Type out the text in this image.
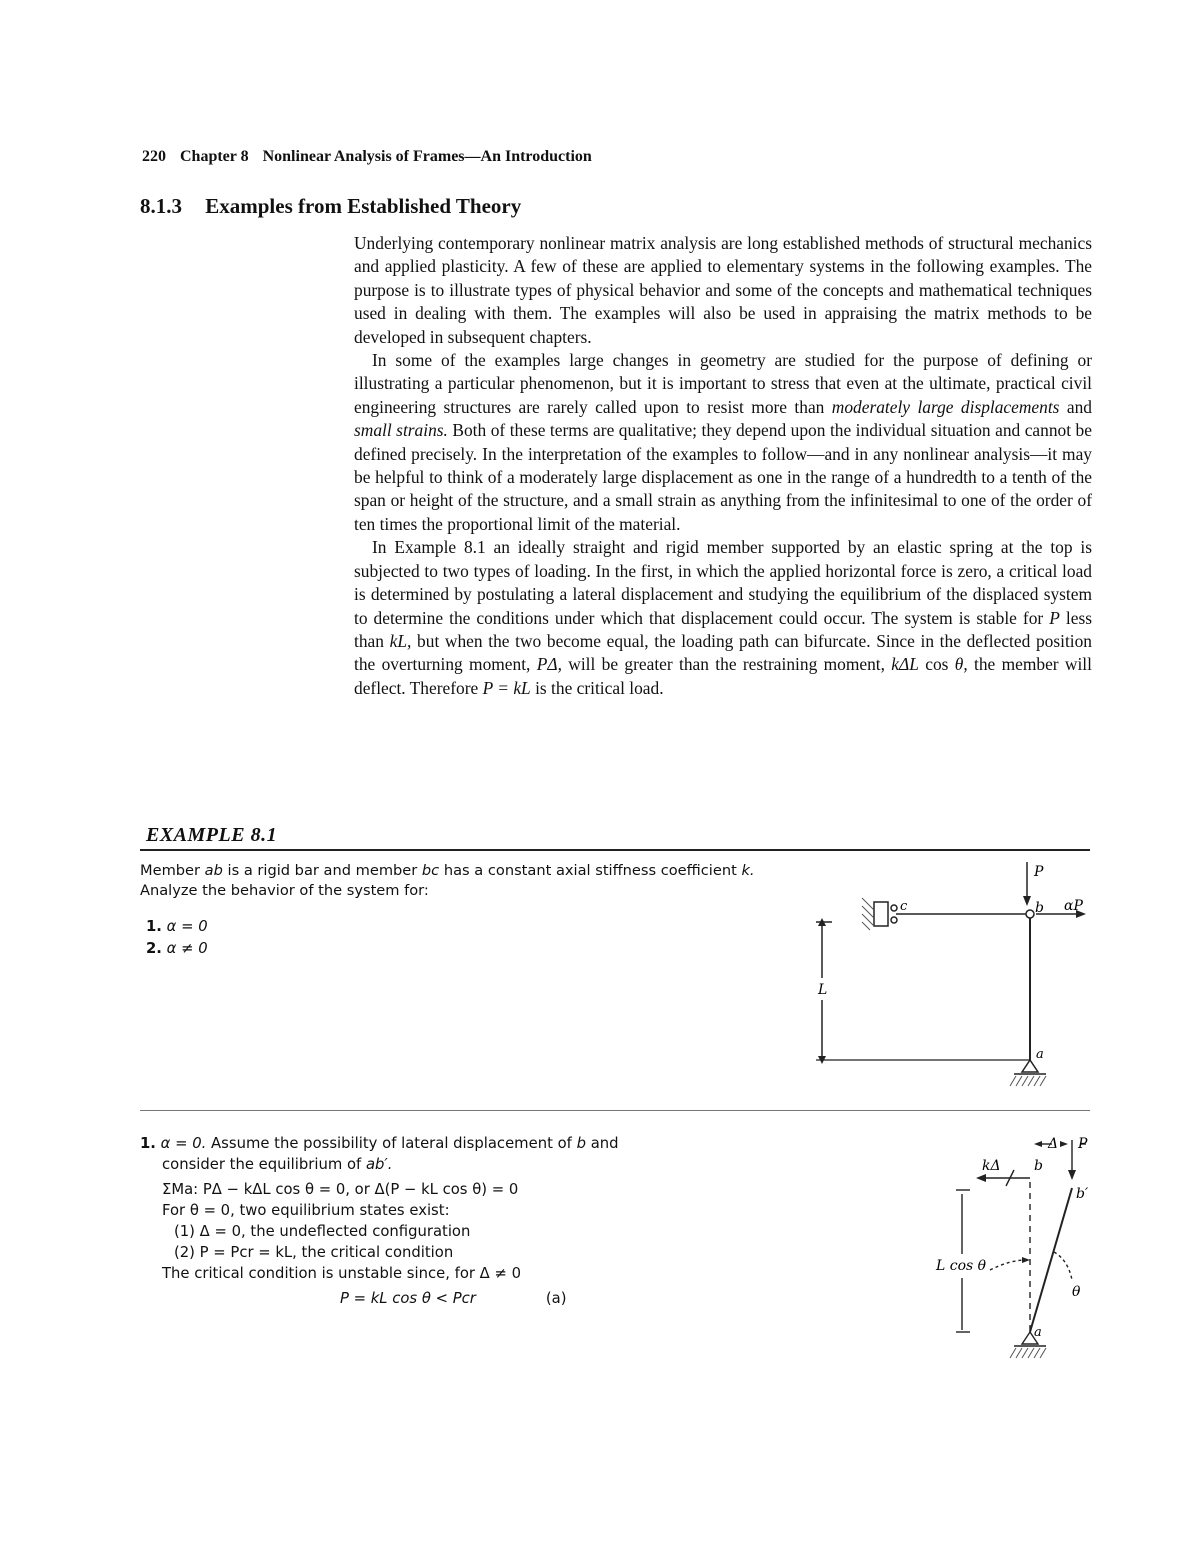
220 Chapter 8 Nonlinear Analysis of Frames—An Introduction
8.1.3 Examples from Established Theory

Underlying contemporary nonlinear matrix analysis are long established methods of structural mechanics and applied plasticity. A few of these are applied to elementary systems in the following examples. The purpose is to illustrate types of physical behavior and some of the concepts and mathematical techniques used in dealing with them. The examples will also be used in appraising the matrix methods to be developed in subsequent chapters.

In some of the examples large changes in geometry are studied for the purpose of defining or illustrating a particular phenomenon, but it is important to stress that even at the ultimate, practical civil engineering structures are rarely called upon to resist more than moderately large displacements and small strains. Both of these terms are qualitative; they depend upon the individual situation and cannot be defined precisely. In the interpretation of the examples to follow—and in any nonlinear analysis—it may be helpful to think of a moderately large displacement as one in the range of a hundredth to a tenth of the span or height of the structure, and a small strain as anything from the infinitesimal to one of the order of ten times the proportional limit of the material.

In Example 8.1 an ideally straight and rigid member supported by an elastic spring at the top is subjected to two types of loading. In the first, in which the applied horizontal force is zero, a critical load is determined by postulating a lateral displacement and studying the equilibrium of the displaced system to determine the conditions under which that displacement could occur. The system is stable for P less than kL, but when the two become equal, the loading path can bifurcate. Since in the deflected position the overturning moment, PΔ, will be greater than the restraining moment, kΔL cos θ, the member will deflect. Therefore P = kL is the critical load.

EXAMPLE 8.1
Member ab is a rigid bar and member bc has a constant axial stiffness coefficient k.
Analyze the behavior of the system for:
1. α = 0
2. α ≠ 0
P
b αP
c
L
a
1. α = 0. Assume the possibility of lateral displacement of b and
consider the equilibrium of ab′.
ΣMa: PΔ − kΔL cos θ = 0, or Δ(P − kL cos θ) = 0
For θ = 0, two equilibrium states exist:
(1) Δ = 0, the undeflected configuration
(2) P = Pcr = kL, the critical condition
The critical condition is unstable since, for Δ ≠ 0
P = kL cos θ < Pcr	(a)
Δ P
kΔ b
b′
L cos θ
θ
a
